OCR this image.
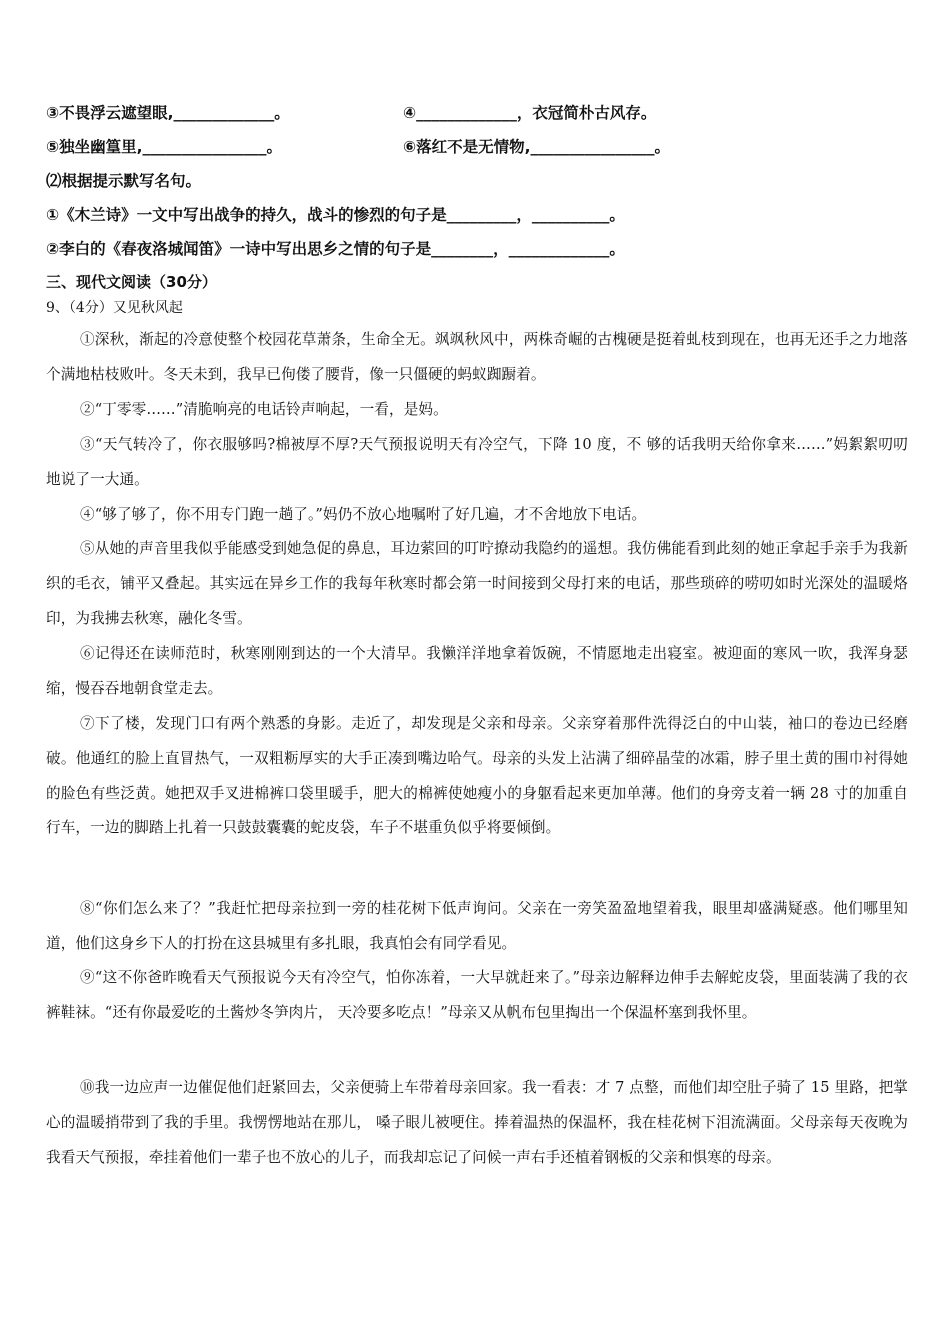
③不畏浮云遮望眼,_____________。	④_____________，衣冠简朴古风存。
⑤独坐幽篁里,________________。	⑥落红不是无情物,________________。
⑵根据提示默写名句。
①《木兰诗》一文中写出战争的持久，战斗的惨烈的句子是_________，__________。
②李白的《春夜洛城闻笛》一诗中写出思乡之情的句子是________，_____________。
三、现代文阅读（30分）
9、（4分）又见秋风起
①深秋，渐起的冷意使整个校园花草萧条，生命全无。飒飒秋风中，两株奇崛的古槐硬是挺着虬枝到现在，也再无还手之力地落个满地枯枝败叶。冬天未到，我早已佝偻了腰背，像一只僵硬的蚂蚁踟蹰着。
②“丁零零……”清脆响亮的电话铃声响起，一看，是妈。
③“天气转冷了，你衣服够吗?棉被厚不厚?天气预报说明天有冷空气，下降 10 度，不 够的话我明天给你拿来……”妈絮絮叨叨地说了一大通。
④“够了够了，你不用专门跑一趟了。”妈仍不放心地嘱咐了好几遍，才不舍地放下电话。
⑤从她的声音里我似乎能感受到她急促的鼻息，耳边萦回的叮咛撩动我隐约的遥想。我仿佛能看到此刻的她正拿起手亲手为我新织的毛衣，铺平又叠起。其实远在异乡工作的我每年秋寒时都会第一时间接到父母打来的电话，那些琐碎的唠叨如时光深处的温暖烙印，为我拂去秋寒，融化冬雪。
⑥记得还在读师范时，秋寒刚刚到达的一个大清早。我懒洋洋地拿着饭碗，不情愿地走出寝室。被迎面的寒风一吹，我浑身瑟缩，慢吞吞地朝食堂走去。
⑦下了楼，发现门口有两个熟悉的身影。走近了，却发现是父亲和母亲。父亲穿着那件洗得泛白的中山装，袖口的卷边已经磨破。他通红的脸上直冒热气，一双粗粝厚实的大手正凑到嘴边哈气。母亲的头发上沾满了细碎晶莹的冰霜，脖子里土黄的围巾衬得她的脸色有些泛黄。她把双手叉进棉裤口袋里暖手，肥大的棉裤使她瘦小的身躯看起来更加单薄。他们的身旁支着一辆 28 寸的加重自行车，一边的脚踏上扎着一只鼓鼓囊囊的蛇皮袋，车子不堪重负似乎将要倾倒。
⑧“你们怎么来了？”我赶忙把母亲拉到一旁的桂花树下低声询问。父亲在一旁笑盈盈地望着我，眼里却盛满疑惑。他们哪里知道，他们这身乡下人的打扮在这县城里有多扎眼，我真怕会有同学看见。
⑨“这不你爸昨晚看天气预报说今天有冷空气，怕你冻着，一大早就赶来了。”母亲边解释边伸手去解蛇皮袋，里面装满了我的衣裤鞋袜。“还有你最爱吃的土酱炒冬笋肉片， 天冷要多吃点！”母亲又从帆布包里掏出一个保温杯塞到我怀里。
⑩我一边应声一边催促他们赶紧回去，父亲便骑上车带着母亲回家。我一看表：才 7 点整，而他们却空肚子骑了 15 里路，把掌心的温暖捎带到了我的手里。我愣愣地站在那儿， 嗓子眼儿被哽住。捧着温热的保温杯，我在桂花树下泪流满面。父母亲每天夜晚为我看天气预报，牵挂着他们一辈子也不放心的儿子，而我却忘记了问候一声右手还植着钢板的父亲和惧寒的母亲。
